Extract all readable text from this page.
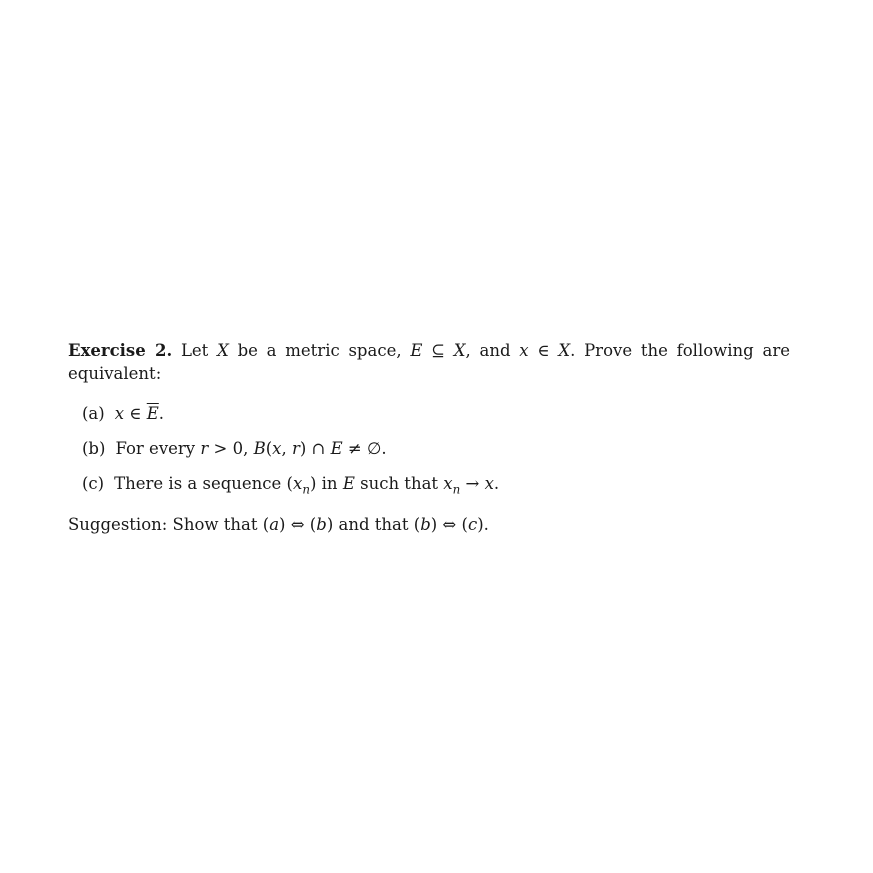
Exercise 2. Let X be a metric space, E ⊆ X, and x ∈ X. Prove the following are equivalent:
(a) x ∈ $\overline{E}$.
(b) For every r > 0, B(x, r) ∩ E ≠ ∅.
(c) There is a sequence $(x_n)$ in E such that $x_n \to x$.
Suggestion: Show that (a) ⇔ (b) and that (b) ⇔ (c).
